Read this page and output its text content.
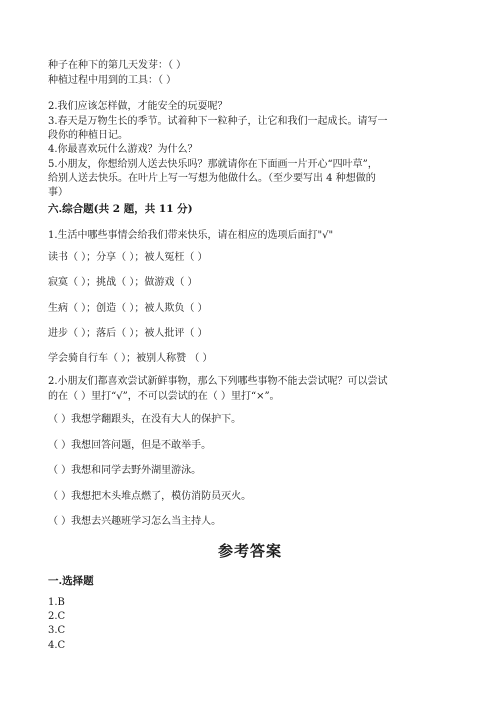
种子在种下的第几天发芽：（ ）
种植过程中用到的工具：（ ）
2.我们应该怎样做，才能安全的玩耍呢？
3.春天是万物生长的季节。试着种下一粒种子，让它和我们一起成长。请写一
段你的种植日记。
4.你最喜欢玩什么游戏？为什么？
5.小朋友，你想给别人送去快乐吗？那就请你在下面画一片开心“四叶草”，
给别人送去快乐。在叶片上写一写想为他做什么。（至少要写出 4 种想做的
事）
六.综合题(共 2 题，共 11 分)
1.生活中哪些事情会给我们带来快乐，请在相应的选项后面打"√"
读书（ ）；分享（ ）；被人冤枉（ ）
寂寞（ ）；挑战（ ）；做游戏（ ）
生病（ ）；创造（ ）；被人欺负（ ）
进步（ ）；落后（ ）；被人批评（ ）
学会骑自行车（ ）；被别人称赞 （ ）
2.小朋友们都喜欢尝试新鲜事物，那么下列哪些事物不能去尝试呢？可以尝试
的在（ ）里打“√”，不可以尝试的在（ ）里打“×”。
（ ）我想学翻跟头，在没有大人的保护下。
（ ）我想回答问题，但是不敢举手。
（ ）我想和同学去野外湖里游泳。
（ ）我想把木头堆点燃了，模仿消防员灭火。
（ ）我想去兴趣班学习怎么当主持人。
参考答案
一.选择题
1.B
2.C
3.C
4.C
